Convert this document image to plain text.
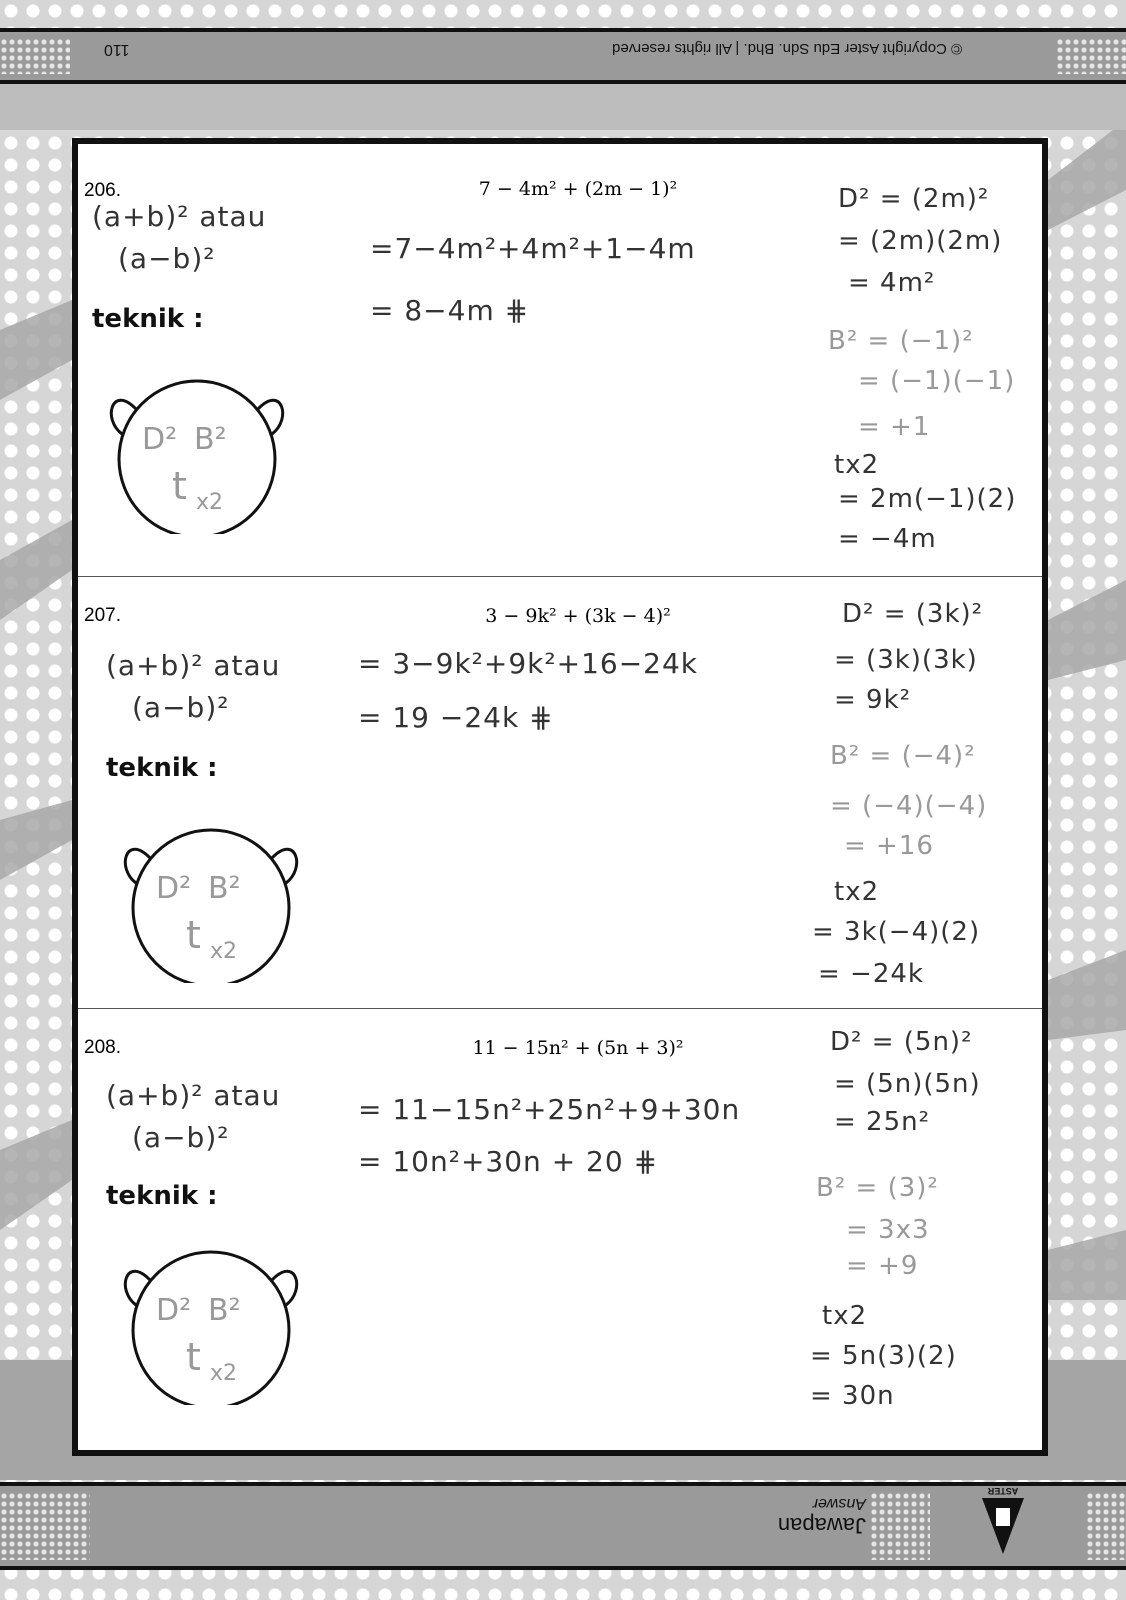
© Copyright Aster Edu Sdn. Bhd. | All rights reserved
110
Jawapan
Answer
ASTER
206.	7 − 4m² + (2m − 1)²
(a+b)² atau
(a−b)²
teknik :
D² B²
t x2
=7−4m²+4m²+1−4m
= 8−4m ⋕
D² = (2m)²
= (2m)(2m)
= 4m²
B² = (−1)²
= (−1)(−1)
= +1
tx2
= 2m(−1)(2)
= −4m
207.	3 − 9k² + (3k − 4)²
(a+b)² atau
(a−b)²
teknik :
D² B²
t x2
= 3−9k²+9k²+16−24k
= 19 −24k ⋕
D² = (3k)²
= (3k)(3k)
= 9k²
B² = (−4)²
= (−4)(−4)
= +16
tx2
= 3k(−4)(2)
= −24k
208.	11 − 15n² + (5n + 3)²
(a+b)² atau
(a−b)²
teknik :
D² B²
t x2
= 11−15n²+25n²+9+30n
= 10n²+30n + 20 ⋕
D² = (5n)²
= (5n)(5n)
= 25n²
B² = (3)²
= 3x3
= +9
tx2
= 5n(3)(2)
= 30n
